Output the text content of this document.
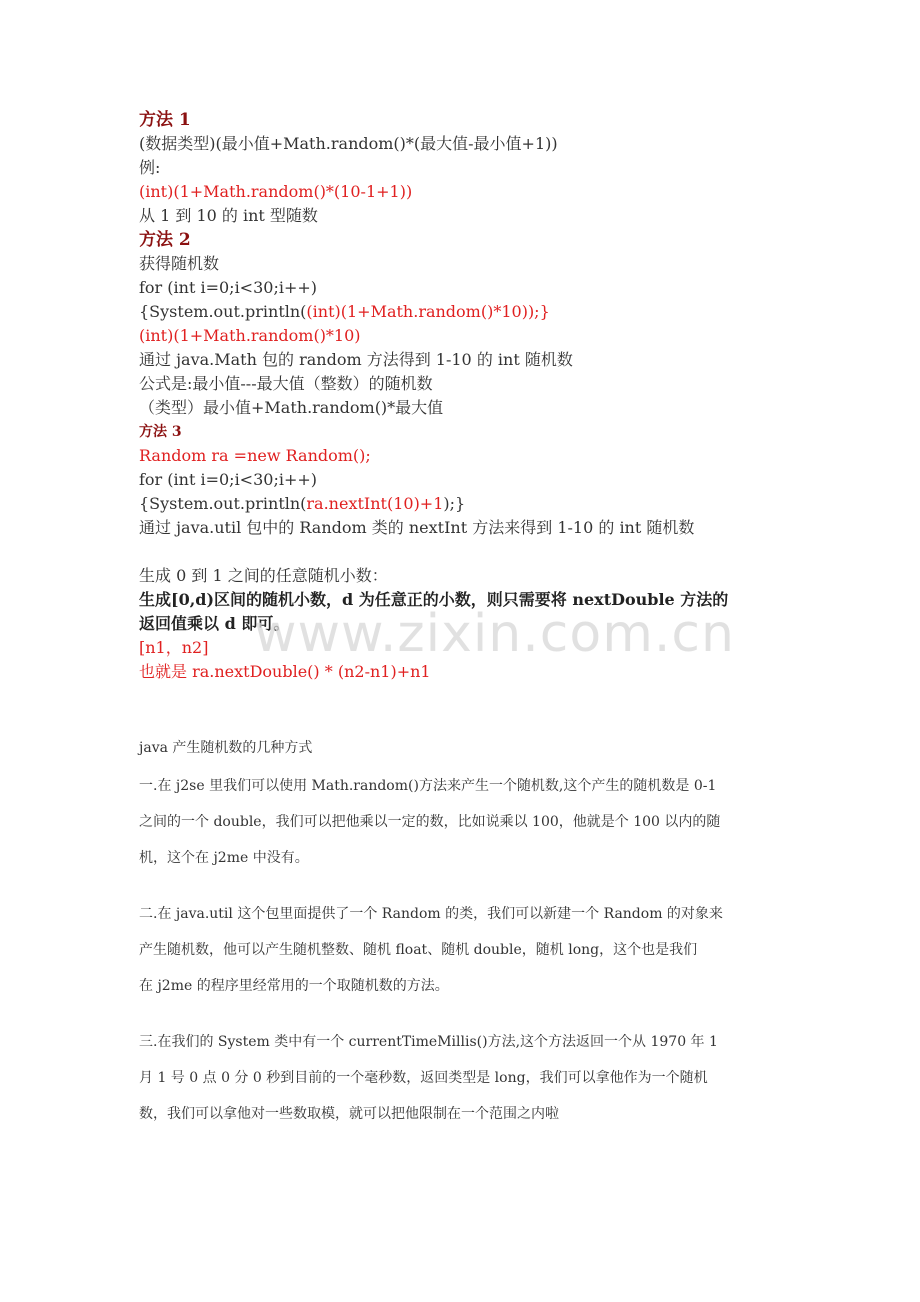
方法 1
(数据类型)(最小值+Math.random()*(最大值-最小值+1))
例:
(int)(1+Math.random()*(10-1+1))
从 1 到 10 的 int 型随数
方法 2
获得随机数
for (int i=0;i<30;i++)
{System.out.println((int)(1+Math.random()*10));}
(int)(1+Math.random()*10)
通过 java.Math 包的 random 方法得到 1-10 的 int 随机数
公式是:最小值---最大值（整数）的随机数
（类型）最小值+Math.random()*最大值
方法 3
Random ra =new Random();
for (int i=0;i<30;i++)
{System.out.println(ra.nextInt(10)+1);}
通过 java.util 包中的 Random 类的 nextInt 方法来得到 1-10 的 int 随机数
生成 0 到 1 之间的任意随机小数：
生成[0,d)区间的随机小数，d 为任意正的小数，则只需要将 nextDouble 方法的
返回值乘以 d 即可。
[n1，n2]
也就是 ra.nextDouble() * (n2-n1)+n1
www.zixin.com.cn
java 产生随机数的几种方式
一.在 j2se 里我们可以使用 Math.random()方法来产生一个随机数,这个产生的随机数是 0-1
之间的一个 double，我们可以把他乘以一定的数，比如说乘以 100，他就是个 100 以内的随
机，这个在 j2me 中没有。
二.在 java.util 这个包里面提供了一个 Random 的类，我们可以新建一个 Random 的对象来
产生随机数，他可以产生随机整数、随机 float、随机 double，随机 long，这个也是我们
在 j2me 的程序里经常用的一个取随机数的方法。
三.在我们的 System 类中有一个 currentTimeMillis()方法,这个方法返回一个从 1970 年 1
月 1 号 0 点 0 分 0 秒到目前的一个毫秒数，返回类型是 long，我们可以拿他作为一个随机
数，我们可以拿他对一些数取模，就可以把他限制在一个范围之内啦
